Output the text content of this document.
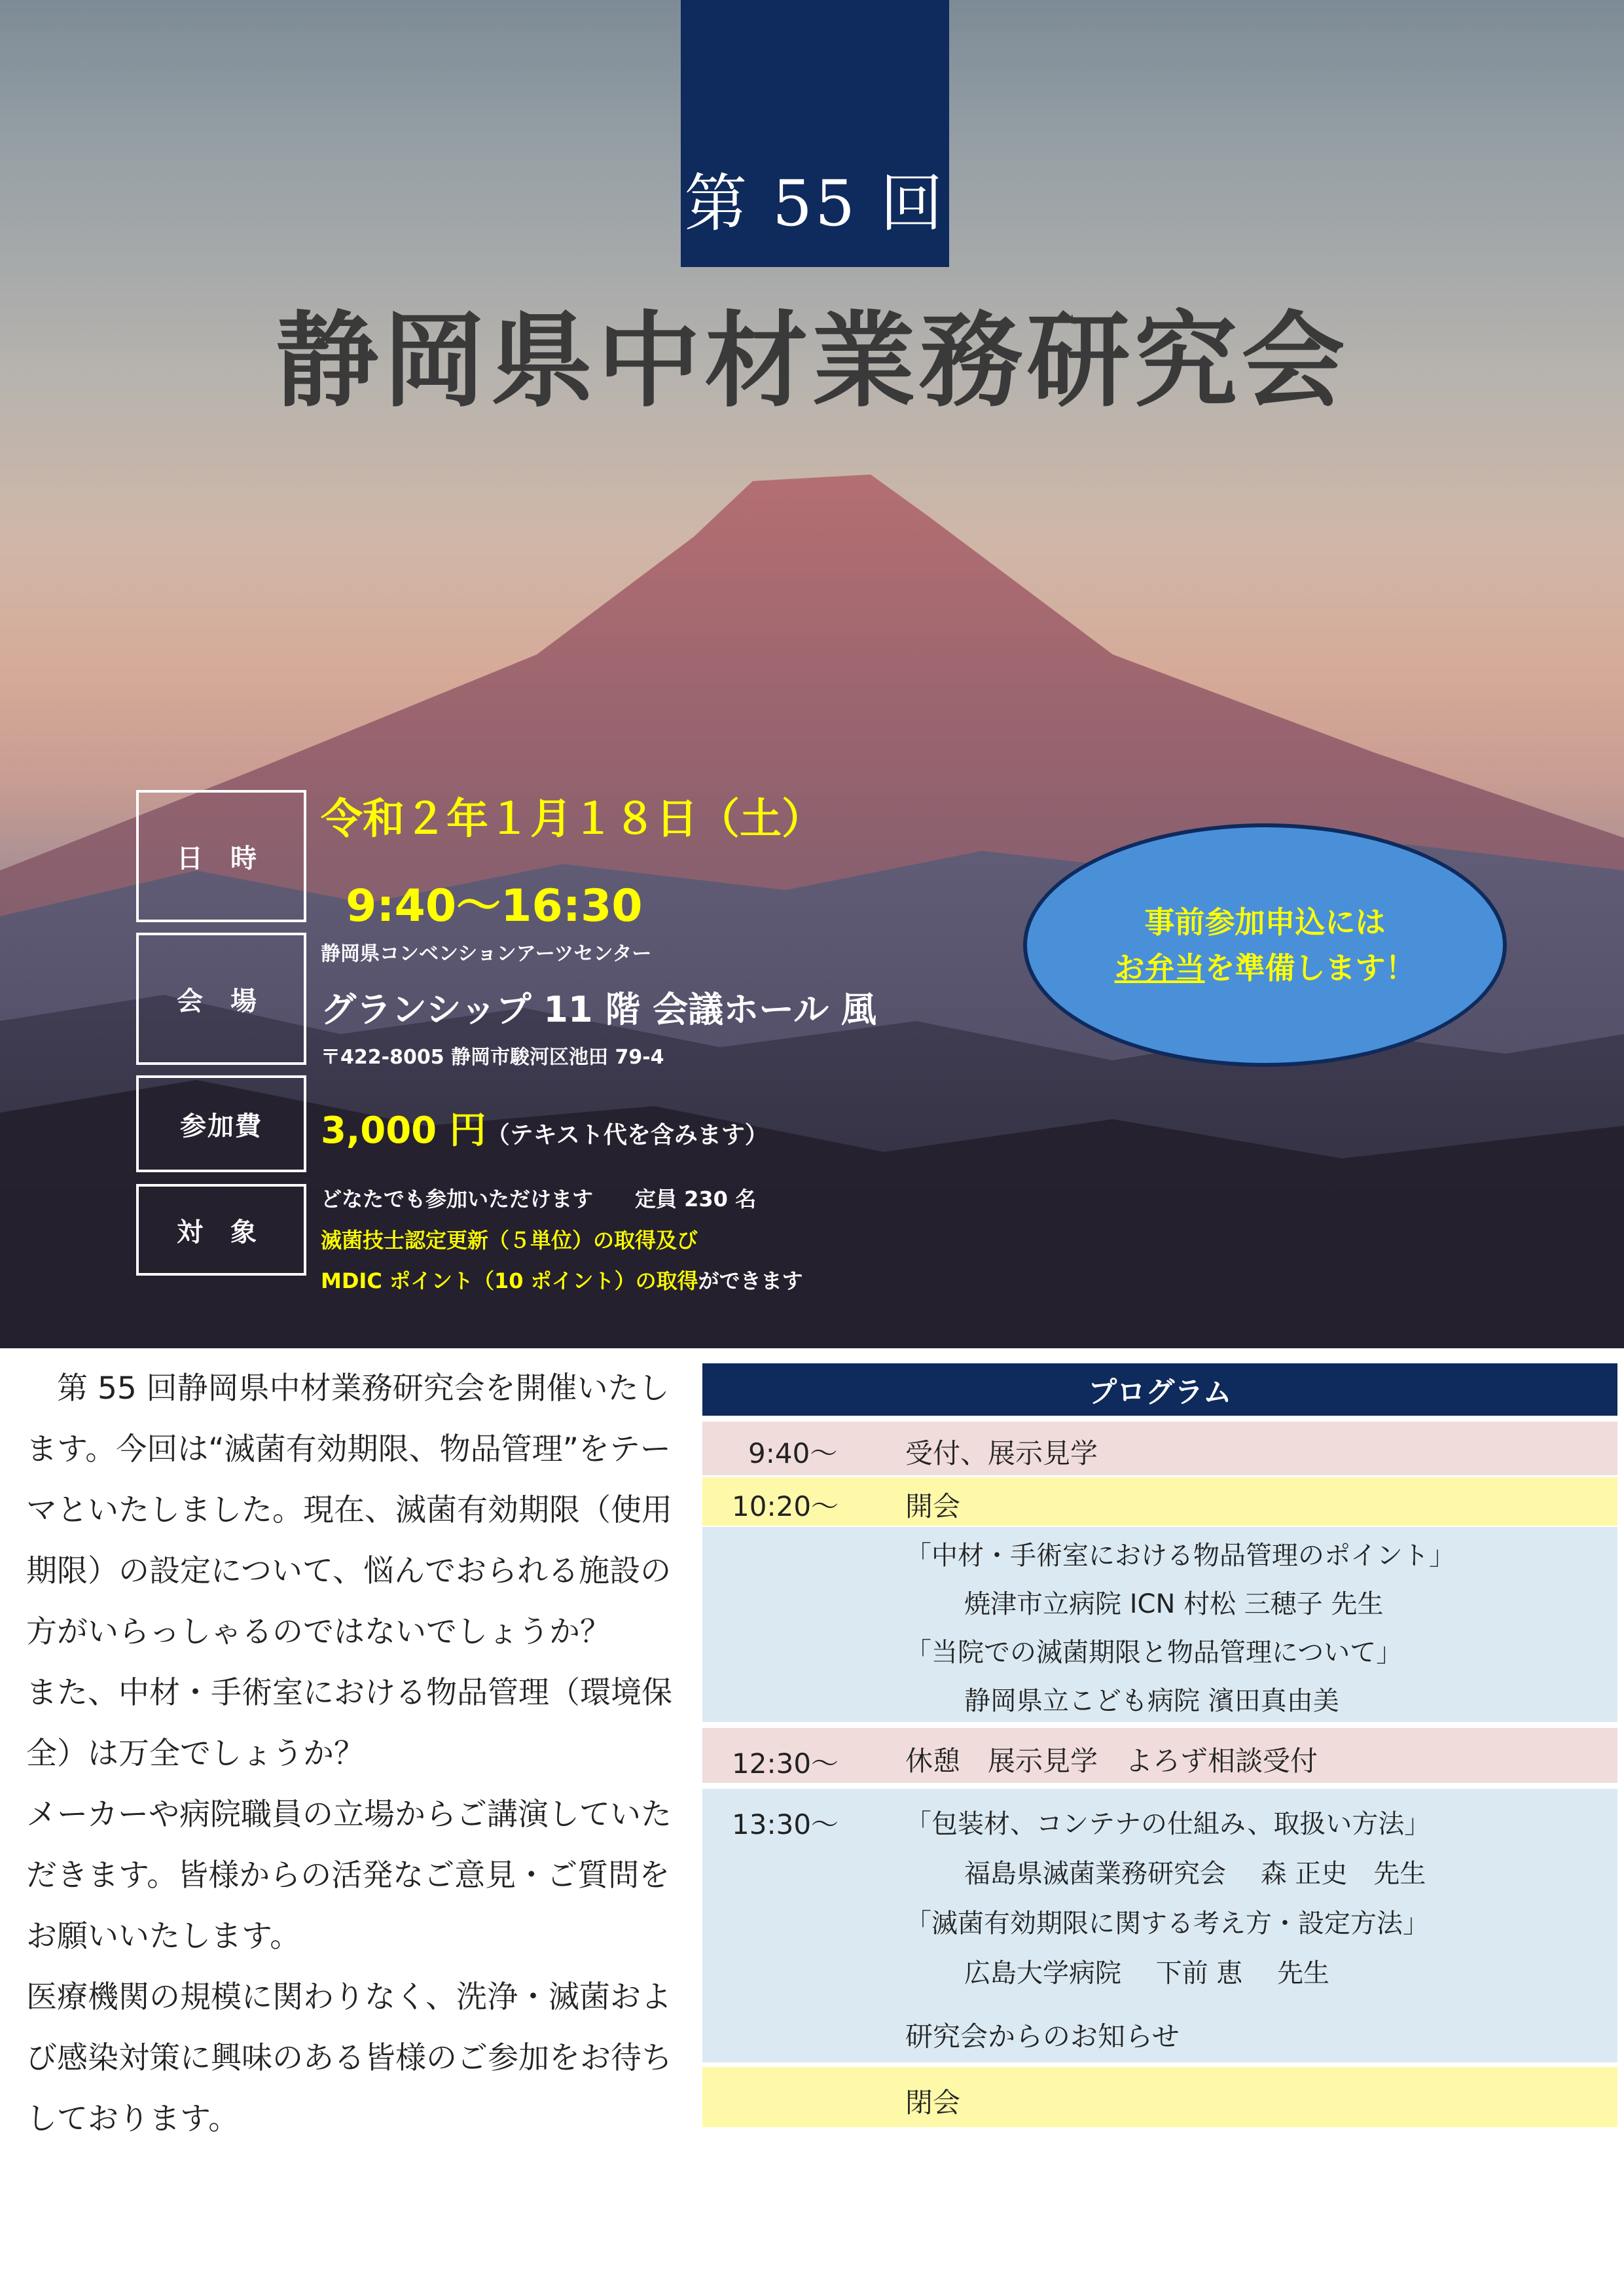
第 55 回
静岡県中材業務研究会
日 時
会 場
参加費
対 象
令和２年１月１８日（土）
9:40～16:30
静岡県コンベンションアーツセンター
グランシップ 11 階 会議ホール 風
〒422-8005 静岡市駿河区池田 79-4
3,000 円（テキスト代を含みます）
どなたでも参加いただけます　　定員 230 名
滅菌技士認定更新（５単位）の取得及び
MDIC ポイント（10 ポイント）の取得ができます
事前参加申込には
お弁当を準備します！

　第 55 回静岡県中材業務研究会を開催いたします。今回は“滅菌有効期限、物品管理”をテーマといたしました。現在、滅菌有効期限（使用期限）の設定について、悩んでおられる施設の方がいらっしゃるのではないでしょうか？

また、中材・手術室における物品管理（環境保全）は万全でしょうか？

メーカーや病院職員の立場からご講演していただきます。皆様からの活発なご意見・ご質問をお願いいたします。

医療機関の規模に関わりなく、洗浄・滅菌および感染対策に興味のある皆様のご参加をお待ちしております。

プログラム
9:40～ 受付、展示見学
10:20～ 開会
「中材・手術室における物品管理のポイント」
焼津市立病院 ICN 村松 三穂子 先生
「当院での滅菌期限と物品管理について」
静岡県立こども病院 濱田真由美
12:30～ 休憩　展示見学　よろず相談受付
13:30～	「包装材、コンテナの仕組み、取扱い方法」
福島県滅菌業務研究会　 森 正史　先生
「滅菌有効期限に関する考え方・設定方法」
広島大学病院　 下前 恵　 先生
研究会からのお知らせ
閉会
